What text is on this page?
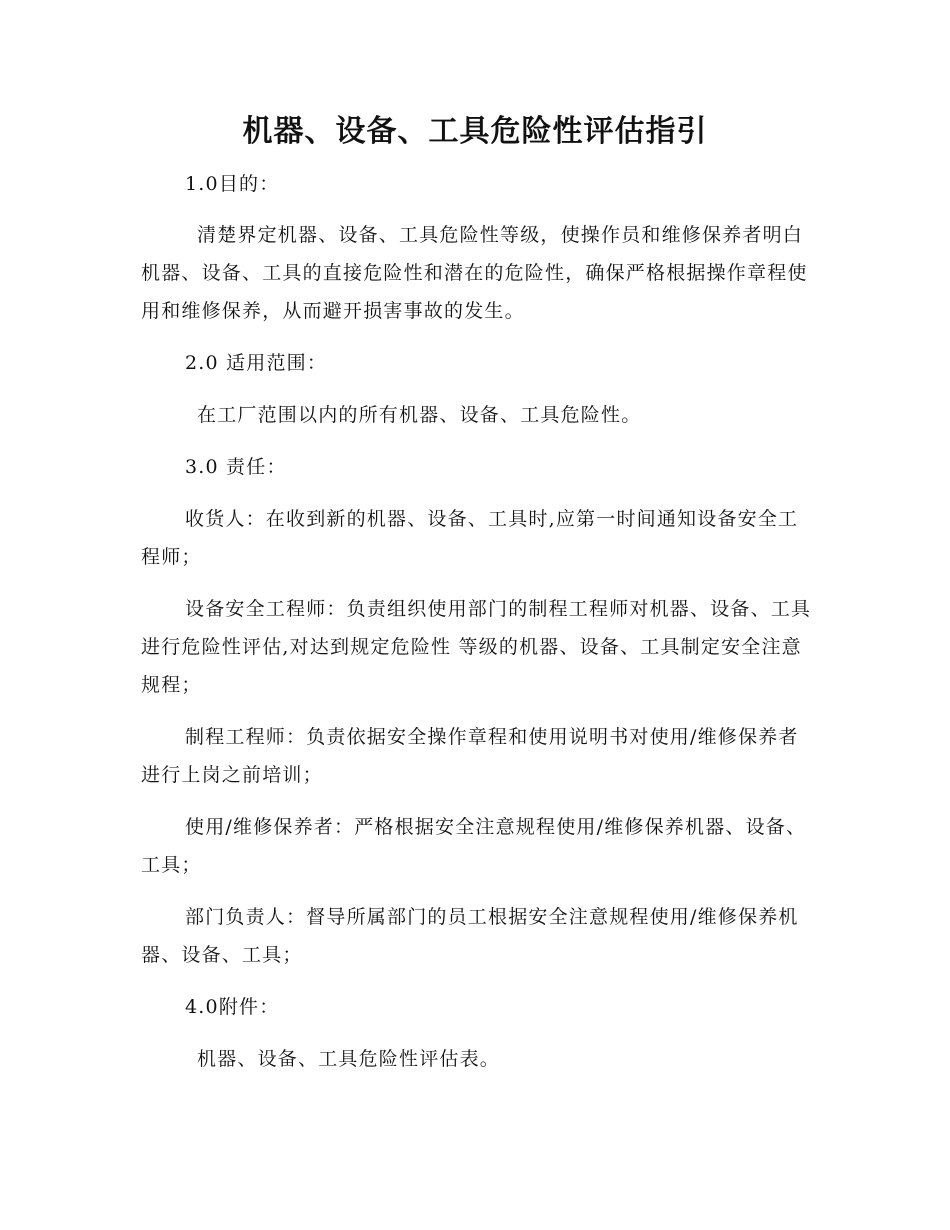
机器、设备、工具危险性评估指引
1.0目的：
清楚界定机器、设备、工具危险性等级，使操作员和维修保养者明白机器、设备、工具的直接危险性和潜在的危险性，确保严格根据操作章程使用和维修保养，从而避开损害事故的发生。
2.0 适用范围：
在工厂范围以内的所有机器、设备、工具危险性。
3.0 责任：
收货人：在收到新的机器、设备、工具时,应第一时间通知设备安全工程师；
设备安全工程师：负责组织使用部门的制程工程师对机器、设备、工具进行危险性评估,对达到规定危险性 等级的机器、设备、工具制定安全注意规程；
制程工程师：负责依据安全操作章程和使用说明书对使用/维修保养者进行上岗之前培训；
使用/维修保养者：严格根据安全注意规程使用/维修保养机器、设备、工具；
部门负责人：督导所属部门的员工根据安全注意规程使用/维修保养机器、设备、工具；
4.0附件：
机器、设备、工具危险性评估表。
